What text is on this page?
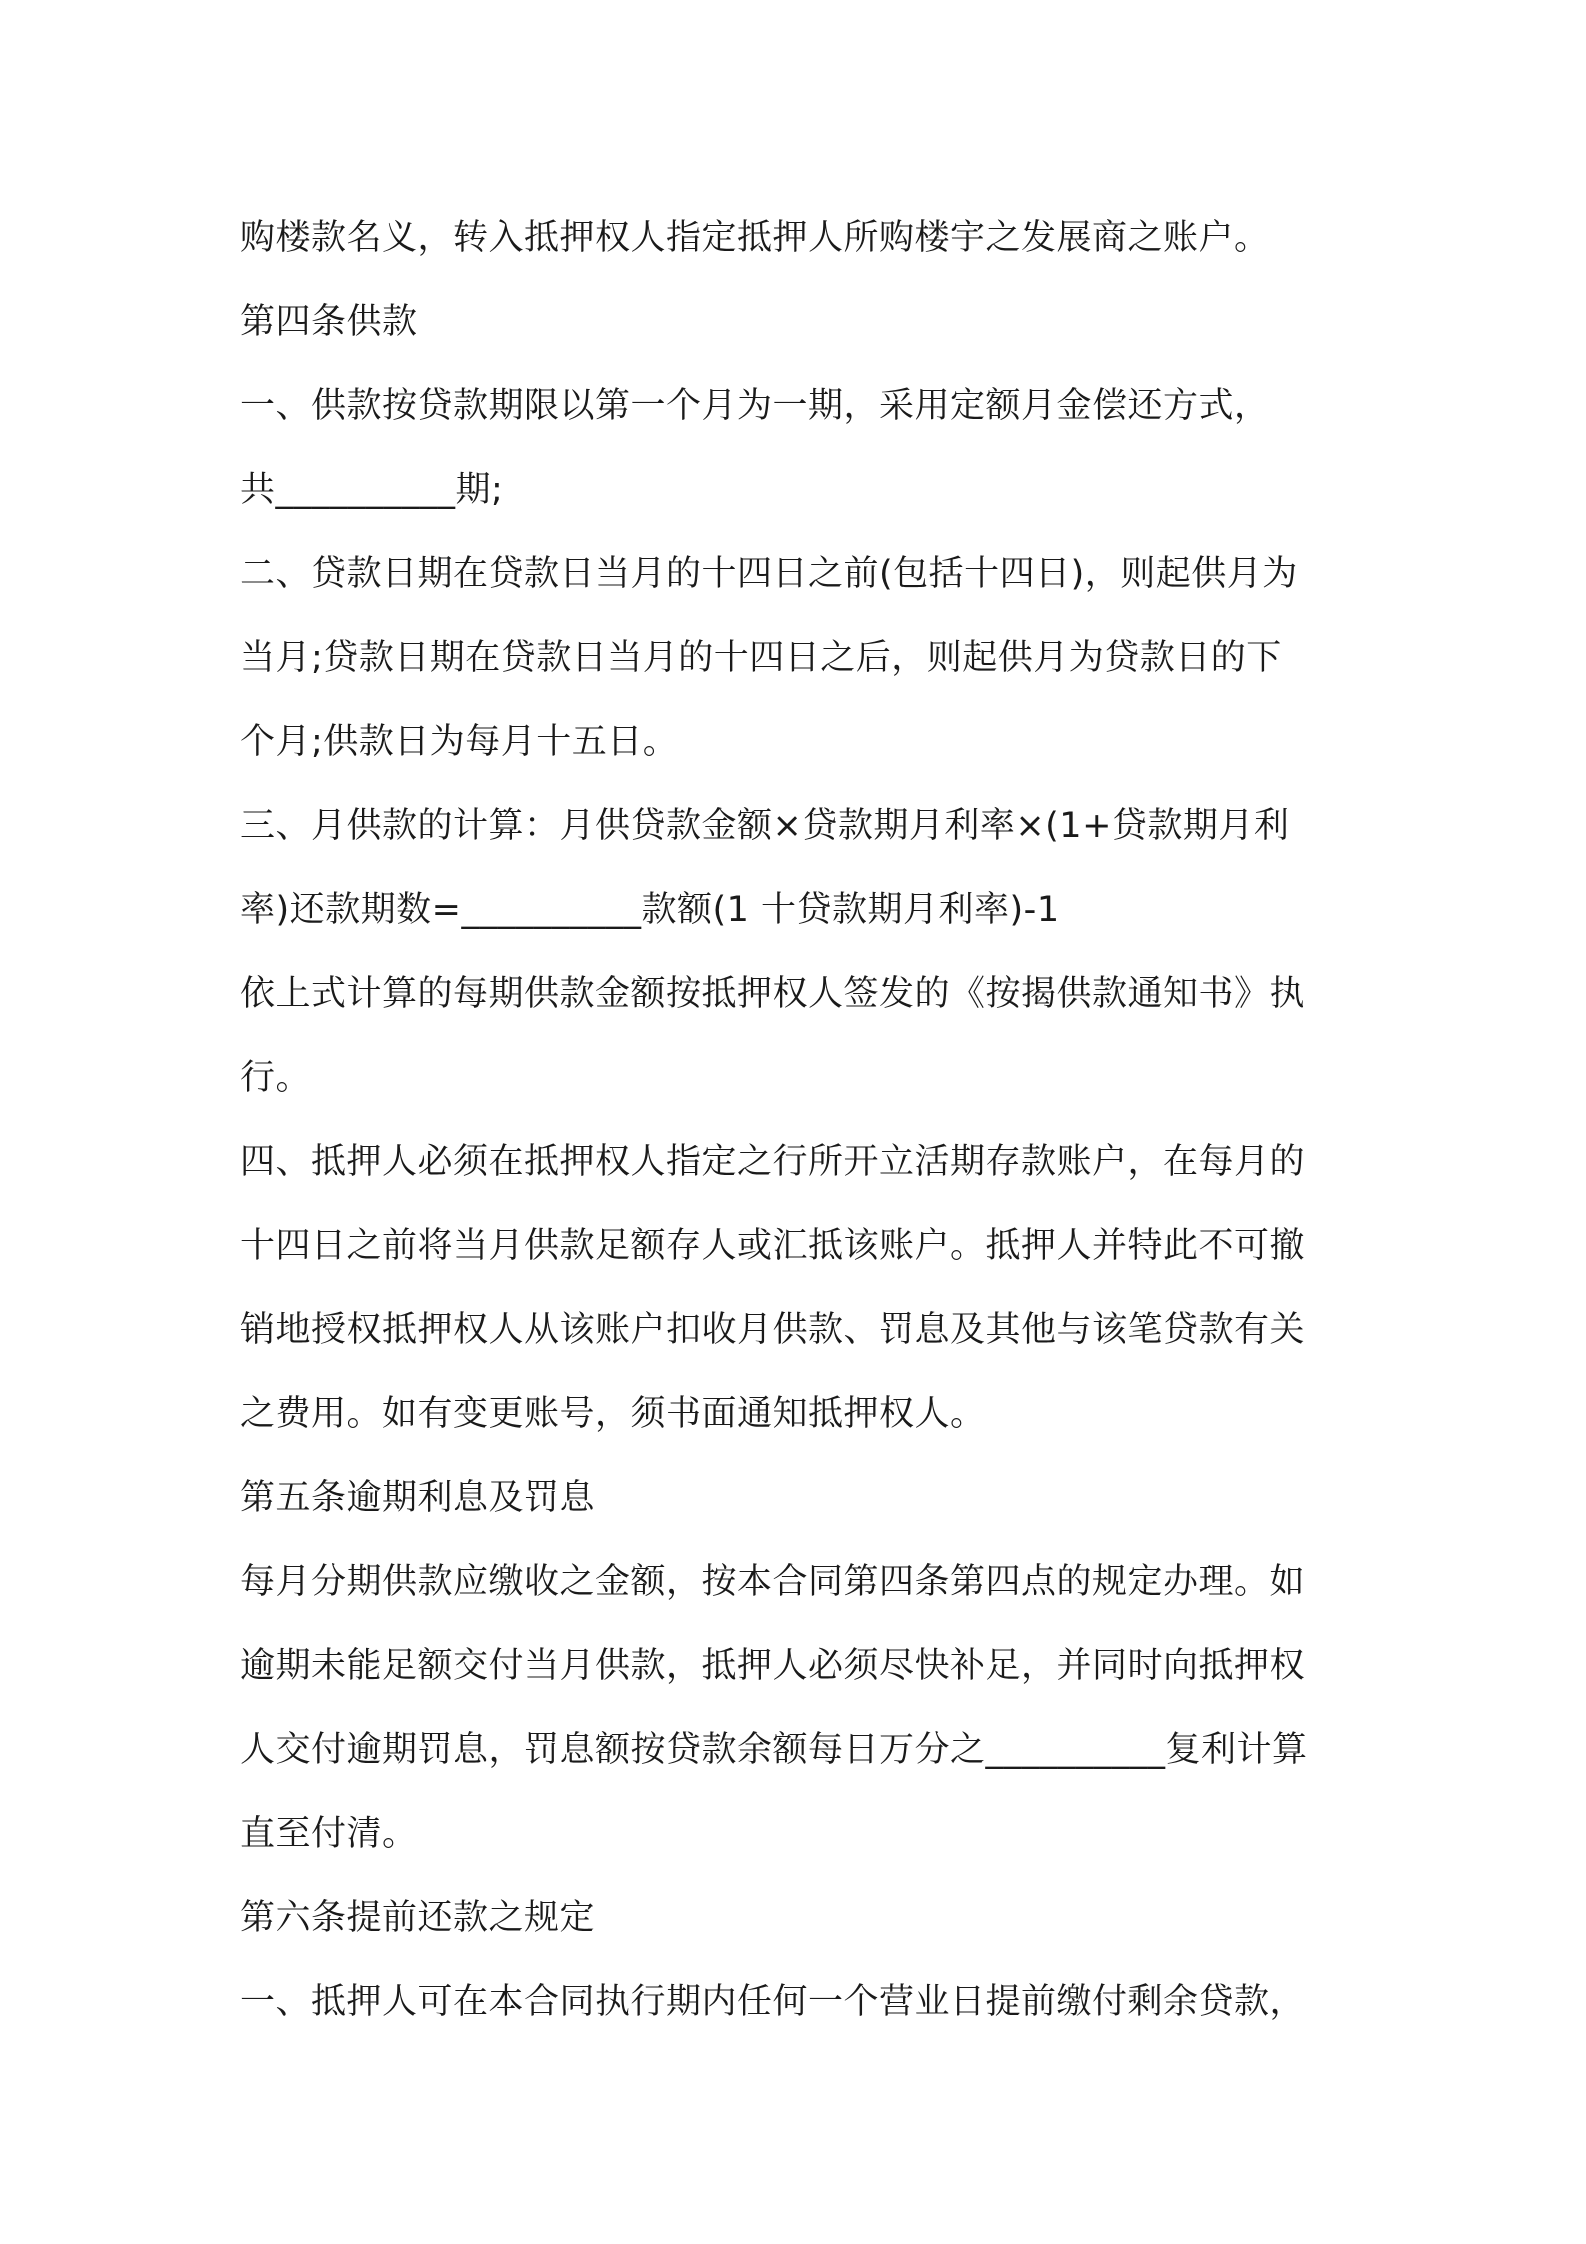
购楼款名义，转入抵押权人指定抵押人所购楼宇之发展商之账户。
第四条供款
一、供款按贷款期限以第一个月为一期，采用定额月金偿还方式，
共__________期;
二、贷款日期在贷款日当月的十四日之前(包括十四日)，则起供月为
当月;贷款日期在贷款日当月的十四日之后，则起供月为贷款日的下
个月;供款日为每月十五日。
三、月供款的计算：月供贷款金额×贷款期月利率×(1+贷款期月利
率)还款期数=__________款额(1 十贷款期月利率)-1
依上式计算的每期供款金额按抵押权人签发的《按揭供款通知书》执
行。
四、抵押人必须在抵押权人指定之行所开立活期存款账户，在每月的
十四日之前将当月供款足额存人或汇抵该账户。抵押人并特此不可撤
销地授权抵押权人从该账户扣收月供款、罚息及其他与该笔贷款有关
之费用。如有变更账号，须书面通知抵押权人。
第五条逾期利息及罚息
每月分期供款应缴收之金额，按本合同第四条第四点的规定办理。如
逾期未能足额交付当月供款，抵押人必须尽快补足，并同时向抵押权
人交付逾期罚息，罚息额按贷款余额每日万分之__________复利计算
直至付清。
第六条提前还款之规定
一、抵押人可在本合同执行期内任何一个营业日提前缴付剩余贷款，
